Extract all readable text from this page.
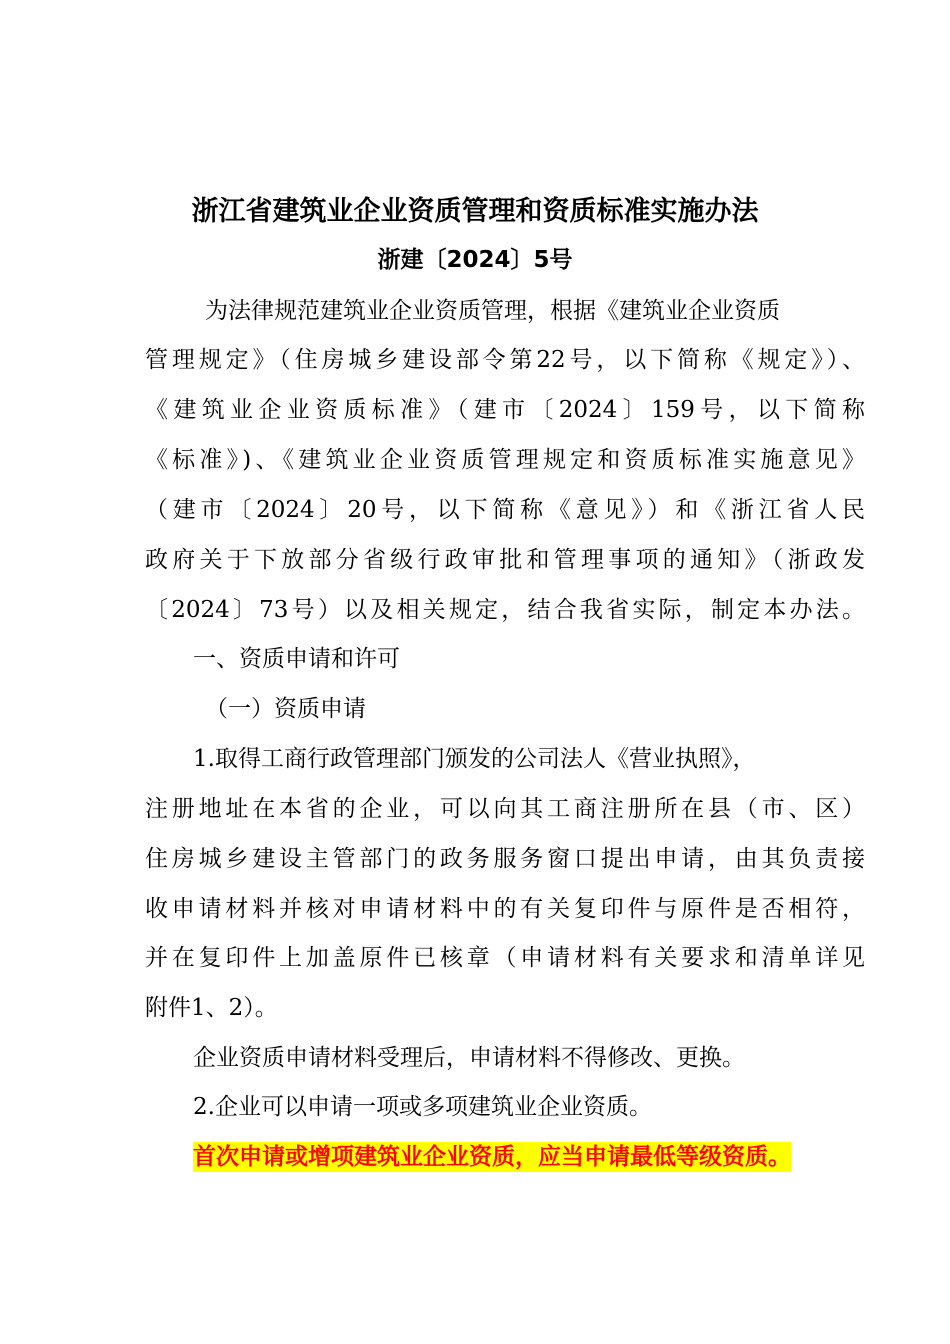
浙江省建筑业企业资质管理和资质标准实施办法
浙建〔2024〕5号

为法律规范建筑业企业资质管理，根据《建筑业企业资质

管理规定》（住房城乡建设部令第22号，以下简称《规定》）、

《建筑业企业资质标准》（建市〔2024〕159号，以下简称

《标准》)、《建筑业企业资质管理规定和资质标准实施意见》

（建市〔2024〕20号，以下简称《意见》）和《浙江省人民

政府关于下放部分省级行政审批和管理事项的通知》（浙政发

〔2024〕73号）以及相关规定，结合我省实际，制定本办法。

一、资质申请和许可

（一）资质申请

1.取得工商行政管理部门颁发的公司法人《营业执照》，

注册地址在本省的企业，可以向其工商注册所在县（市、区）

住房城乡建设主管部门的政务服务窗口提出申请，由其负责接

收申请材料并核对申请材料中的有关复印件与原件是否相符，

并在复印件上加盖原件已核章（申请材料有关要求和清单详见

附件1、2）。

企业资质申请材料受理后，申请材料不得修改、更换。

2.企业可以申请一项或多项建筑业企业资质。

首次申请或增项建筑业企业资质，应当申请最低等级资质。
